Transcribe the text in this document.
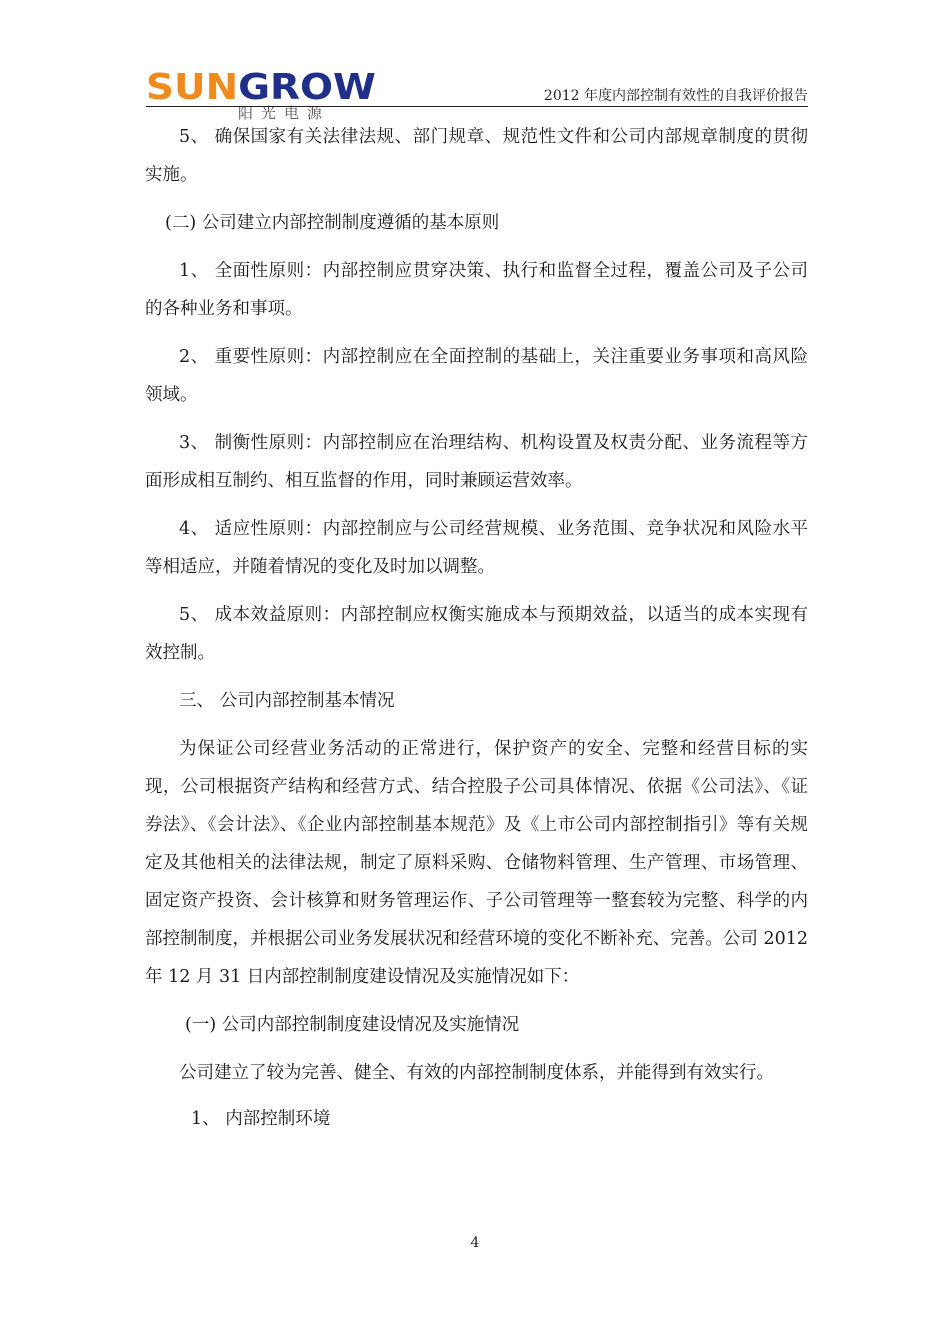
SUNGROW
阳光电源
2012 年度内部控制有效性的自我评价报告

5、 确保国家有关法律法规、部门规章、规范性文件和公司内部规章制度的贯彻实施。

(二) 公司建立内部控制制度遵循的基本原则

1、 全面性原则：内部控制应贯穿决策、执行和监督全过程，覆盖公司及子公司的各种业务和事项。

2、 重要性原则：内部控制应在全面控制的基础上，关注重要业务事项和高风险领域。

3、 制衡性原则：内部控制应在治理结构、机构设置及权责分配、业务流程等方面形成相互制约、相互监督的作用，同时兼顾运营效率。

4、 适应性原则：内部控制应与公司经营规模、业务范围、竞争状况和风险水平等相适应，并随着情况的变化及时加以调整。

5、 成本效益原则：内部控制应权衡实施成本与预期效益，以适当的成本实现有效控制。

三、 公司内部控制基本情况

为保证公司经营业务活动的正常进行，保护资产的安全、完整和经营目标的实现，公司根据资产结构和经营方式、结合控股子公司具体情况、依据《公司法》、《证券法》、《会计法》、《企业内部控制基本规范》及《上市公司内部控制指引》等有关规定及其他相关的法律法规，制定了原料采购、仓储物料管理、生产管理、市场管理、固定资产投资、会计核算和财务管理运作、子公司管理等一整套较为完整、科学的内部控制制度，并根据公司业务发展状况和经营环境的变化不断补充、完善。公司 2012 年 12 月 31 日内部控制制度建设情况及实施情况如下：

(一) 公司内部控制制度建设情况及实施情况

公司建立了较为完善、健全、有效的内部控制制度体系，并能得到有效实行。

1、 内部控制环境

4
